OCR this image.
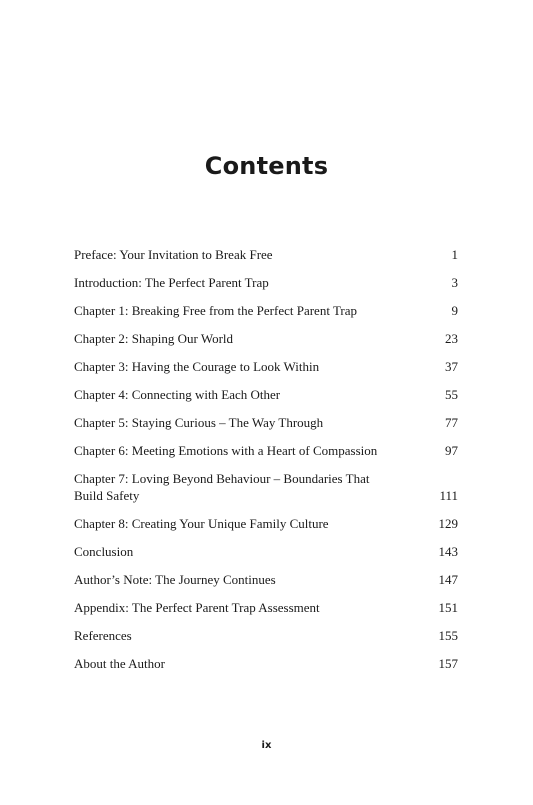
Contents
Preface: Your Invitation to Break Free	1
Introduction: The Perfect Parent Trap	3
Chapter 1: Breaking Free from the Perfect Parent Trap	9
Chapter 2: Shaping Our World	23
Chapter 3: Having the Courage to Look Within	37
Chapter 4: Connecting with Each Other	55
Chapter 5: Staying Curious – The Way Through	77
Chapter 6: Meeting Emotions with a Heart of Compassion	97
Chapter 7: Loving Beyond Behaviour – Boundaries That Build Safety	111
Chapter 8: Creating Your Unique Family Culture	129
Conclusion	143
Author’s Note: The Journey Continues	147
Appendix: The Perfect Parent Trap Assessment	151
References	155
About the Author	157
ix
